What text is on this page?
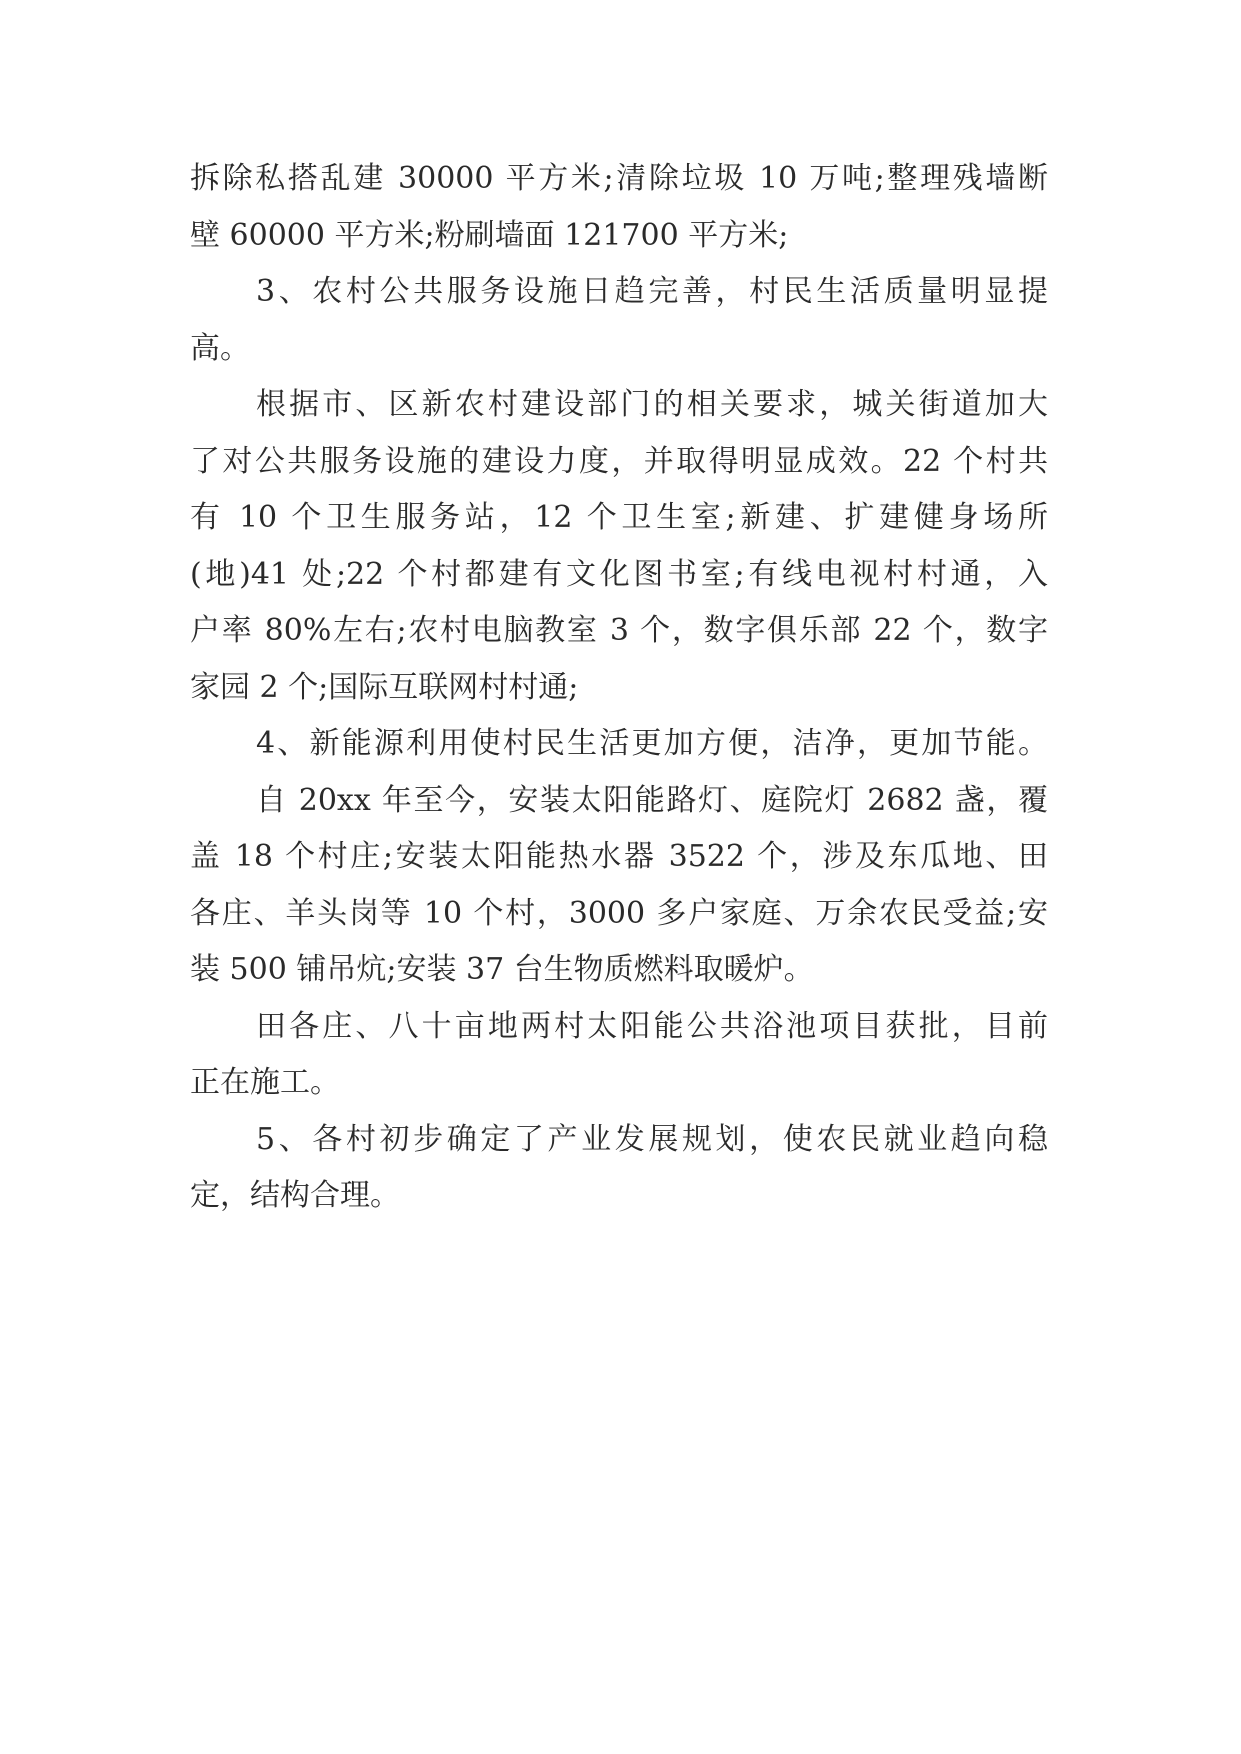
拆除私搭乱建 30000 平方米;清除垃圾 10 万吨;整理残墙断
壁 60000 平方米;粉刷墙面 121700 平方米;
3、农村公共服务设施日趋完善，村民生活质量明显提
高。
根据市、区新农村建设部门的相关要求，城关街道加大
了对公共服务设施的建设力度，并取得明显成效。22 个村共
有 10 个卫生服务站，12 个卫生室;新建、扩建健身场所
(地)41 处;22 个村都建有文化图书室;有线电视村村通，入
户率 80%左右;农村电脑教室 3 个，数字俱乐部 22 个，数字
家园 2 个;国际互联网村村通;
4、新能源利用使村民生活更加方便，洁净，更加节能。
自 20xx 年至今，安装太阳能路灯、庭院灯 2682 盏，覆
盖 18 个村庄;安装太阳能热水器 3522 个，涉及东瓜地、田
各庄、羊头岗等 10 个村，3000 多户家庭、万余农民受益;安
装 500 铺吊炕;安装 37 台生物质燃料取暖炉。
田各庄、八十亩地两村太阳能公共浴池项目获批，目前
正在施工。
5、各村初步确定了产业发展规划，使农民就业趋向稳
定，结构合理。
